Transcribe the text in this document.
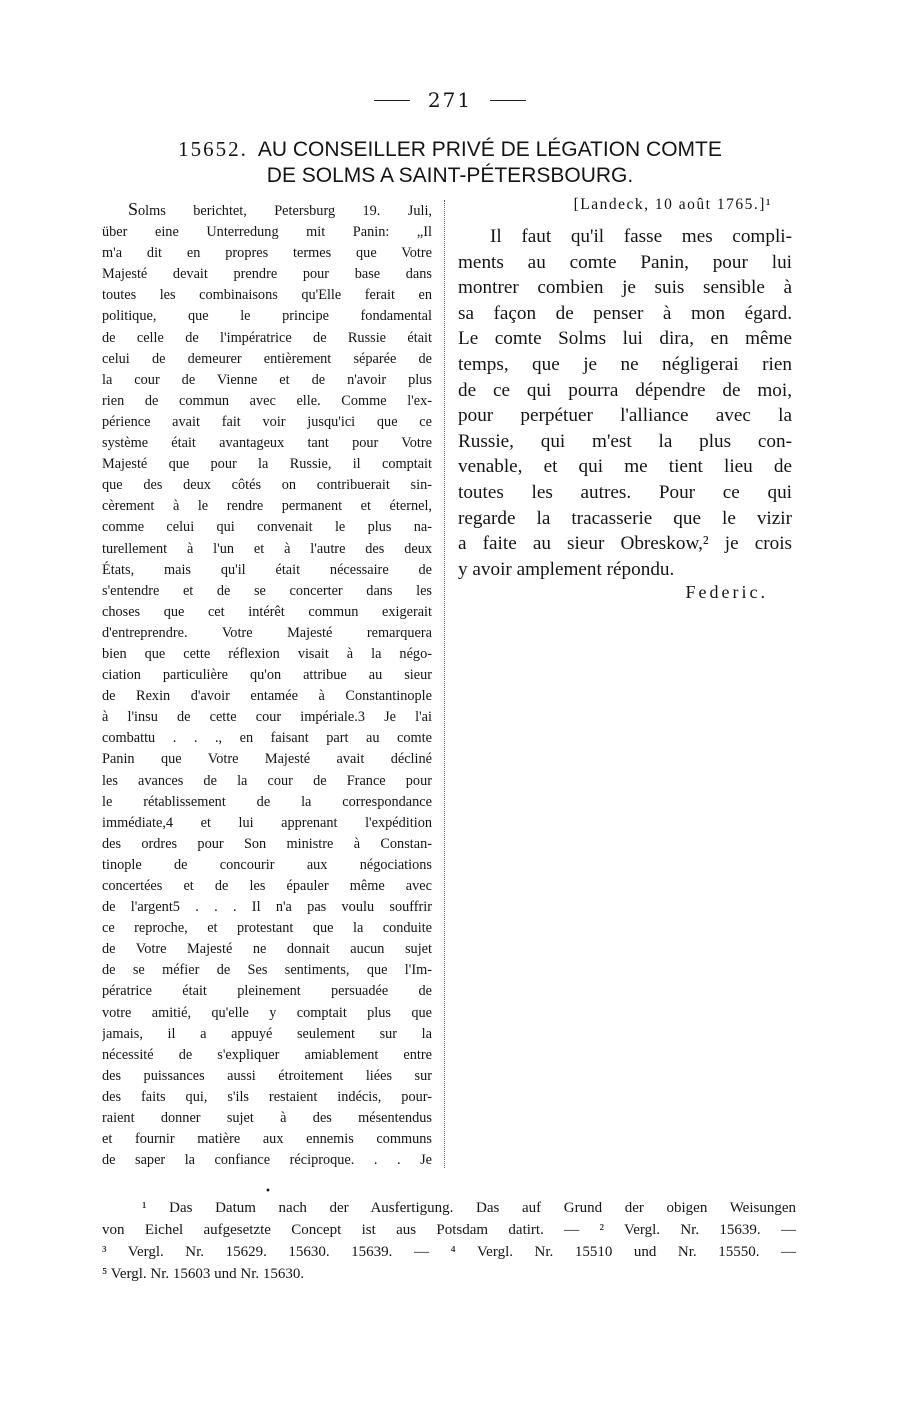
271
15652. AU CONSEILLER PRIVÉ DE LÉGATION COMTE
DE SOLMS A SAINT-PÉTERSBOURG.
Solms berichtet, Petersburg 19. Juli,
über eine Unterredung mit Panin: „Il
m'a dit en propres termes que Votre
Majesté devait prendre pour base dans
toutes les combinaisons qu'Elle ferait en
politique, que le principe fondamental
de celle de l'impératrice de Russie était
celui de demeurer entièrement séparée de
la cour de Vienne et de n'avoir plus
rien de commun avec elle. Comme l'ex-
périence avait fait voir jusqu'ici que ce
système était avantageux tant pour Votre
Majesté que pour la Russie, il comptait
que des deux côtés on contribuerait sin-
cèrement à le rendre permanent et éternel,
comme celui qui convenait le plus na-
turellement à l'un et à l'autre des deux
États, mais qu'il était nécessaire de
s'entendre et de se concerter dans les
choses que cet intérêt commun exigerait
d'entreprendre. Votre Majesté remarquera
bien que cette réflexion visait à la négo-
ciation particulière qu'on attribue au sieur
de Rexin d'avoir entamée à Constantinople
à l'insu de cette cour impériale.3 Je l'ai
combattu . . ., en faisant part au comte
Panin que Votre Majesté avait décliné
les avances de la cour de France pour
le rétablissement de la correspondance
immédiate,4 et lui apprenant l'expédition
des ordres pour Son ministre à Constan-
tinople de concourir aux négociations
concertées et de les épauler même avec
de l'argent5 . . . Il n'a pas voulu souffrir
ce reproche, et protestant que la conduite
de Votre Majesté ne donnait aucun sujet
de se méfier de Ses sentiments, que l'Im-
pératrice était pleinement persuadée de
votre amitié, qu'elle y comptait plus que
jamais, il a appuyé seulement sur la
nécessité de s'expliquer amiablement entre
des puissances aussi étroitement liées sur
des faits qui, s'ils restaient indécis, pour-
raient donner sujet à des mésentendus
et fournir matière aux ennemis communs
de saper la confiance réciproque. . . Je
[Landeck, 10 août 1765.]¹
Il faut qu'il fasse mes compli-
ments au comte Panin, pour lui
montrer combien je suis sensible à
sa façon de penser à mon égard.
Le comte Solms lui dira, en même
temps, que je ne négligerai rien
de ce qui pourra dépendre de moi,
pour perpétuer l'alliance avec la
Russie, qui m'est la plus con-
venable, et qui me tient lieu de
toutes les autres. Pour ce qui
regarde la tracasserie que le vizir
a faite au sieur Obreskow,² je crois
y avoir amplement répondu.
Federic.
•
¹ Das Datum nach der Ausfertigung. Das auf Grund der obigen Weisungen
von Eichel aufgesetzte Concept ist aus Potsdam datirt. — ² Vergl. Nr. 15639. —
³ Vergl. Nr. 15629. 15630. 15639. — ⁴ Vergl. Nr. 15510 und Nr. 15550. —
⁵ Vergl. Nr. 15603 und Nr. 15630.
